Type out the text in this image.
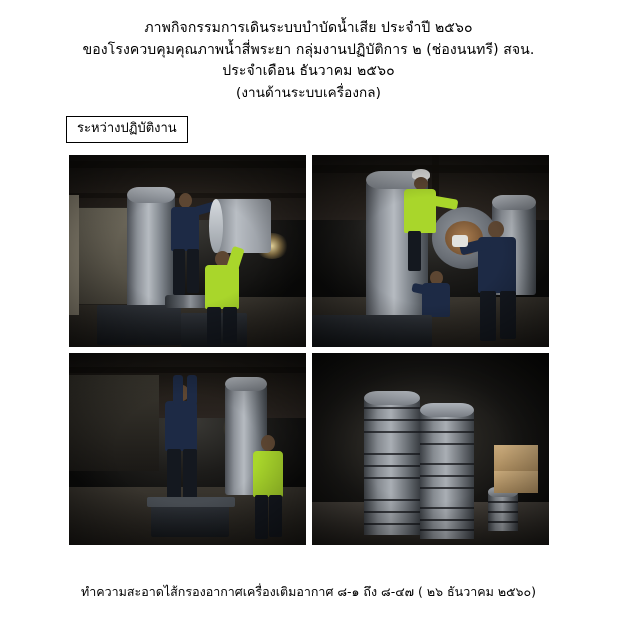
ภาพกิจกรรมการเดินระบบบำบัดน้ำเสีย ประจำปี ๒๕๖๐
ของโรงควบคุมคุณภาพน้ำสี่พระยา กลุ่มงานปฏิบัติการ ๒ (ช่องนนทรี) สจน.
ประจำเดือน ธันวาคม ๒๕๖๐
(งานด้านระบบเครื่องกล)
ระหว่างปฏิบัติงาน
ทำความสะอาดไส้กรองอากาศเครื่องเติมอากาศ ๘-๑ ถึง ๘-๔๗ ( ๒๖ ธันวาคม ๒๕๖๐)
